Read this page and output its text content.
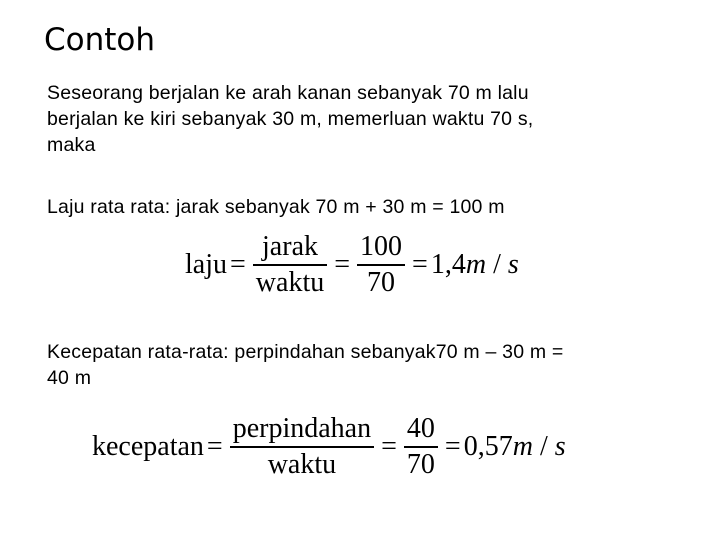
Contoh
Seseorang berjalan ke arah kanan sebanyak 70 m lalu
berjalan ke kiri sebanyak 30 m, memerluan waktu 70 s,
maka
Laju rata rata: jarak sebanyak 70 m + 30 m = 100 m
laju = $\frac{\text{jarak}}{\text{waktu}} = \frac{100}{70} = 1,4$ m / s
Kecepatan rata-rata: perpindahan sebanyak70 m – 30 m =
40 m
kecepatan = $\frac{\text{perpindahan}}{\text{waktu}} = \frac{40}{70} = 0,57$ m / s
